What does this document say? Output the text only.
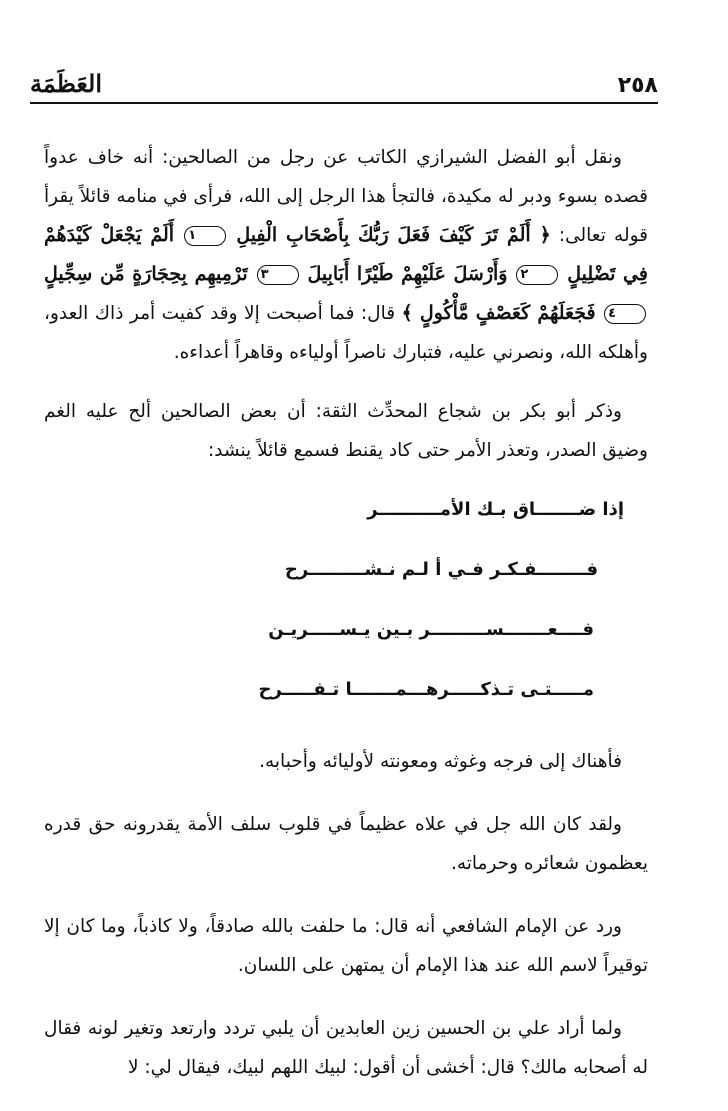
٢٥٨
العَظَمَة

ونقل أبو الفضل الشيرازي الكاتب عن رجل من الصالحين: أنه خاف عدواً قصده بسوء ودبر له مكيدة، فالتجأ هذا الرجل إلى الله، فرأى في منامه قائلاً يقرأ قوله تعالى: ﴿ أَلَمْ تَرَ كَيْفَ فَعَلَ رَبُّكَ بِأَصْحَابِ الْفِيلِ ١ أَلَمْ يَجْعَلْ كَيْدَهُمْ فِي تَضْلِيلٍ ٢ وَأَرْسَلَ عَلَيْهِمْ طَيْرًا أَبَابِيلَ ٣ تَرْمِيهِم بِحِجَارَةٍ مِّن سِجِّيلٍ ٤ فَجَعَلَهُمْ كَعَصْفٍ مَّأْكُولٍ ﴾ قال: فما أصبحت إلا وقد كفيت أمر ذاك العدو، وأهلكه الله، ونصرني عليه، فتبارك ناصراً أولياءه وقاهراً أعداءه.

وذكر أبو بكر بن شجاع المحدِّث الثقة: أن بعض الصالحين ألح عليه الغم وضيق الصدر، وتعذر الأمر حتى كاد يقنط فسمع قائلاً ينشد:

إذا ضـــــــاق بـك الأمــــــــــر
فــــــــفـكـر فـي أ لـم نـشـــــــــرح
فــــعـــــــســـــــــر بـين يـســـــريـن
مـــــتـى تـذكـــــرهـــمـــــــا تـفـــــرح

فأهناك إلى فرجه وغوثه ومعونته لأوليائه وأحبابه.

ولقد كان الله جل في علاه عظيماً في قلوب سلف الأمة يقدرونه حق قدره يعظمون شعائره وحرماته.

ورد عن الإمام الشافعي أنه قال: ما حلفت بالله صادقاً، ولا كاذباً، وما كان إلا توقيراً لاسم الله عند هذا الإمام أن يمتهن على اللسان.

ولما أراد علي بن الحسين زين العابدين أن يلبي تردد وارتعد وتغير لونه فقال له أصحابه مالك؟ قال: أخشى أن أقول: لبيك اللهم لبيك، فيقال لي: لا
